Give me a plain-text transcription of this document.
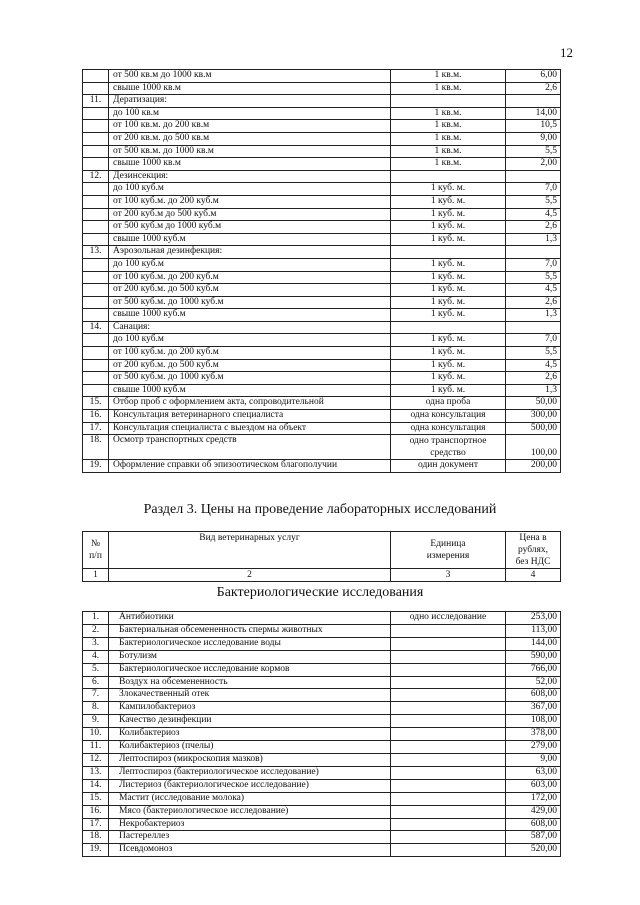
12
	от 500 кв.м до 1000 кв.м	1 кв.м.	6,00
	свыше 1000 кв.м	1 кв.м.	2,6
11.	Дератизация:		
	до 100 кв.м	1 кв.м.	14,00
	от 100 кв.м. до 200 кв.м	1 кв.м.	10,5
	от 200 кв.м. до 500 кв.м	1 кв.м.	9,00
	от 500 кв.м. до 1000 кв.м	1 кв.м.	5,5
	свыше 1000 кв.м	1 кв.м.	2,00
12.	Дезинсекция:		
	до 100 куб.м	1 куб. м.	7,0
	от 100 куб.м. до 200 куб.м	1 куб. м.	5,5
	от 200 куб.м до 500 куб.м	1 куб. м.	4,5
	от 500 куб.м до 1000 куб.м	1 куб. м.	2,6
	свыше 1000 куб.м	1 куб. м.	1,3
13.	Аэрозольная дезинфекция:		
	до 100 куб.м	1 куб. м.	7,0
	от 100 куб.м. до 200 куб.м	1 куб. м.	5,5
	от 200 куб.м. до 500 куб.м	1 куб. м.	4,5
	от 500 куб.м. до 1000 куб.м	1 куб. м.	2,6
	свыше 1000 куб.м	1 куб. м.	1,3
14.	Санация:		
	до 100 куб.м	1 куб. м.	7,0
	от 100 куб.м. до 200 куб.м	1 куб. м.	5,5
	от 200 куб.м. до 500 куб.м	1 куб. м.	4,5
	от 500 куб.м. до 1000 куб.м	1 куб. м.	2,6
	свыше 1000 куб.м	1 куб. м.	1,3
15.	Отбор проб с оформлением акта, сопроводительной	одна проба	50,00
16.	Консультация ветеринарного специалиста	одна консультация	300,00
17.	Консультация специалиста с выездом на объект	одна консультация	500,00
18.	Осмотр транспортных средств	одно транспортное
средство	100,00
19.	Оформление справки об эпизоотическом благополучии	один документ	200,00
Раздел 3. Цены на проведение лабораторных исследований
№
п/п	Вид ветеринарных услуг	Единица
измерения	Цена в рублях,
без НДС
1	2	3	4
Бактериологические исследования
1.	Антибиотики	одно исследование	253,00
2.	Бактериальная обсемененность спермы животных		113,00
3.	Бактериологическое исследование воды		144,00
4.	Ботулизм		590,00
5.	Бактериологическое исследование кормов		766,00
6.	Воздух на обсемененность		52,00
7.	Злокачественный отек		608,00
8.	Кампилобактериоз		367,00
9.	Качество дезинфекции		108,00
10.	Колибактериоз		378,00
11.	Колибактериоз (пчелы)		279,00
12.	Лептоспироз (микроскопия мазков)		9,00
13.	Лептоспироз (бактериологическое исследование)		63,00
14.	Листериоз (бактериологическое исследование)		603,00
15.	Мастит (исследование молока)		172,00
16.	Мясо (бактериологическое исследование)		429,00
17.	Некробактериоз		608,00
18.	Пастереллез		587,00
19.	Псевдомоноз		520,00
